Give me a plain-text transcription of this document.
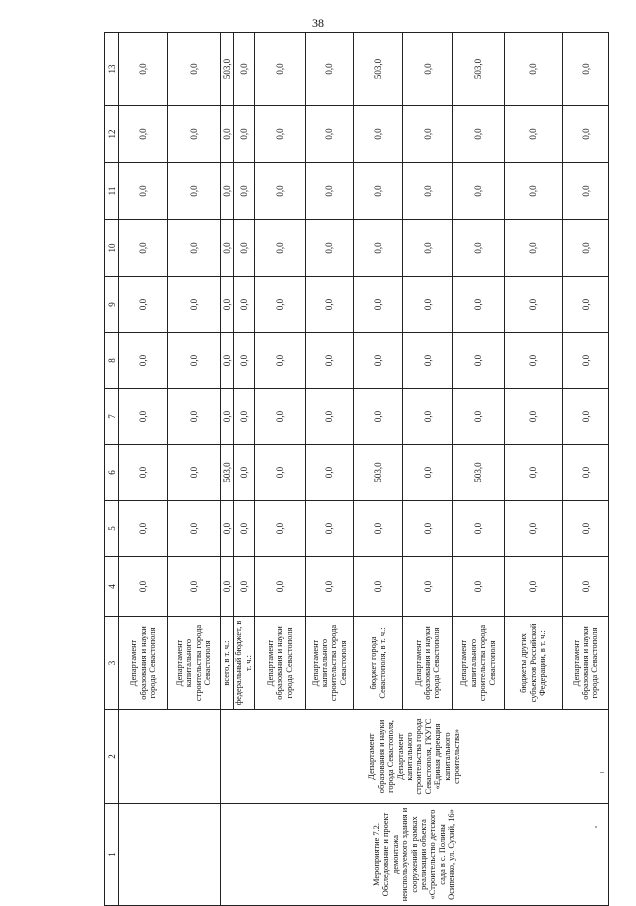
38
1	2	3	4	5	6	7	8	9	10	11	12	13
		Департамент образования и науки города Севастополя	0,0	0,0	0,0	0,0	0,0	0,0	0,0	0,0	0,0	0,0
		Департамент капитального строительства города Севастополя	0,0	0,0	0,0	0,0	0,0	0,0	0,0	0,0	0,0	0,0
Мероприятие 7.2. Обследование и проект демонтажа неиспользуемого здания и сооружений в рамках реализации объекта «Строительство детского сада в с. Полины Осипенко, ул. Сухий, 16»	Департамент образования и науки города Севастополя, Департамент капитального строительства города Севастополя, ГКУГС «Единая дирекция капитального строительства»	всего, в т. ч.:	0,0	0,0	503,0	0,0	0,0	0,0	0,0	0,0	0,0	503,0
		федеральный бюджет, в т. ч.:	0,0	0,0	0,0	0,0	0,0	0,0	0,0	0,0	0,0	0,0
		Департамент образования и науки города Севастополя	0,0	0,0	0,0	0,0	0,0	0,0	0,0	0,0	0,0	0,0
		Департамент капитального строительства города Севастополя	0,0	0,0	0,0	0,0	0,0	0,0	0,0	0,0	0,0	0,0
		бюджет города Севастополя, в т. ч.:	0,0	0,0	503,0	0,0	0,0	0,0	0,0	0,0	0,0	503,0
		Департамент образования и науки города Севастополя	0,0	0,0	0,0	0,0	0,0	0,0	0,0	0,0	0,0	0,0
		Департамент капитального строительства города Севастополя	0,0	0,0	503,0	0,0	0,0	0,0	0,0	0,0	0,0	503,0
		бюджеты других субъектов Российской Федерации, в т. ч.:	0,0	0,0	0,0	0,0	0,0	0,0	0,0	0,0	0,0	0,0
		Департамент образования и науки города Севастополя	0,0	0,0	0,0	0,0	0,0	0,0	0,0	0,0	0,0	0,0
